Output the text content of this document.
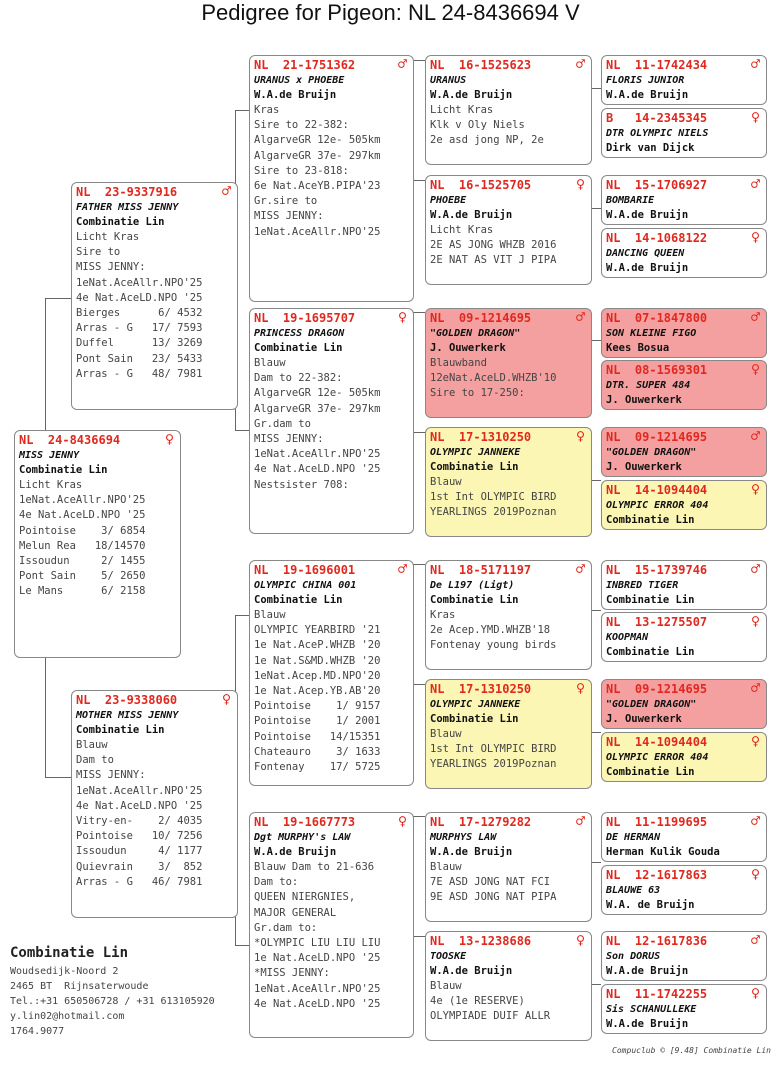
Pedigree for Pigeon: NL 24-8436694 V
NL  24-8436694	♀
MISS JENNY
Combinatie Lin
Licht Kras
1eNat.AceAllr.NPO'25
4e Nat.AceLD.NPO '25
Pointoise    3/ 6854
Melun Rea   18/14570
Issoudun     2/ 1455
Pont Sain    5/ 2650
Le Mans      6/ 2158
NL  23-9337916	♂
FATHER MISS JENNY
Combinatie Lin
Licht Kras
Sire to
MISS JENNY:
1eNat.AceAllr.NPO'25
4e Nat.AceLD.NPO '25
Bierges      6/ 4532
Arras - G   17/ 7593
Duffel      13/ 3269
Pont Sain   23/ 5433
Arras - G   48/ 7981
NL  23-9338060	♀
MOTHER MISS JENNY
Combinatie Lin
Blauw
Dam to
MISS JENNY:
1eNat.AceAllr.NPO'25
4e Nat.AceLD.NPO '25
Vitry-en-    2/ 4035
Pointoise   10/ 7256
Issoudun     4/ 1177
Quievrain    3/  852
Arras - G   46/ 7981
NL  21-1751362	♂
URANUS x PHOEBE
W.A.de Bruijn
Kras
Sire to 22-382:
AlgarveGR 12e- 505km
AlgarveGR 37e- 297km
Sire to 23-818:
6e Nat.AceYB.PIPA'23
Gr.sire to
MISS JENNY:
1eNat.AceAllr.NPO'25
NL  19-1695707	♀
PRINCESS DRAGON
Combinatie Lin
Blauw
Dam to 22-382:
AlgarveGR 12e- 505km
AlgarveGR 37e- 297km
Gr.dam to
MISS JENNY:
1eNat.AceAllr.NPO'25
4e Nat.AceLD.NPO '25
Nestsister 708:
NL  19-1696001	♂
OLYMPIC CHINA 001
Combinatie Lin
Blauw
OLYMPIC YEARBIRD '21
1e Nat.AceP.WHZB '20
1e Nat.S&MD.WHZB '20
1eNat.Acep.MD.NPO'20
1e Nat.Acep.YB.AB'20
Pointoise    1/ 9157
Pointoise    1/ 2001
Pointoise   14/15351
Chateauro    3/ 1633
Fontenay    17/ 5725
NL  19-1667773	♀
Dgt MURPHY's LAW
W.A.de Bruijn
Blauw Dam to 21-636
Dam to:
QUEEN NIERGNIES,
MAJOR GENERAL
Gr.dam to:
*OLYMPIC LIU LIU LIU
1e Nat.AceLD.NPO '25
*MISS JENNY:
1eNat.AceAllr.NPO'25
4e Nat.AceLD.NPO '25
NL  16-1525623	♂
URANUS
W.A.de Bruijn
Licht Kras
Klk v Oly Niels
2e asd jong NP, 2e
NL  16-1525705	♀
PHOEBE
W.A.de Bruijn
Licht Kras
2E AS JONG WHZB 2016
2E NAT AS VIT J PIPA
NL  09-1214695	♂
"GOLDEN DRAGON"
J. Ouwerkerk
Blauwband
12eNat.AceLD.WHZB'10
Sire to 17-250:
NL  17-1310250	♀
OLYMPIC JANNEKE
Combinatie Lin
Blauw
1st Int OLYMPIC BIRD
YEARLINGS 2019Poznan
NL  18-5171197	♂
De L197 (Ligt)
Combinatie Lin
Kras
2e Acep.YMD.WHZB'18
Fontenay young birds
NL  17-1310250	♀
OLYMPIC JANNEKE
Combinatie Lin
Blauw
1st Int OLYMPIC BIRD
YEARLINGS 2019Poznan
NL  17-1279282	♂
MURPHYS LAW
W.A.de Bruijn
Blauw
7E ASD JONG NAT FCI
9E ASD JONG NAT PIPA
NL  13-1238686	♀
TOOSKE
W.A.de Bruijn
Blauw
4e (1e RESERVE)
OLYMPIADE DUIF ALLR
NL  11-1742434	♂
FLORIS JUNIOR
W.A.de Bruijn
B   14-2345345	♀
DTR OLYMPIC NIELS
Dirk van Dijck
NL  15-1706927	♂
BOMBARIE
W.A.de Bruijn
NL  14-1068122	♀
DANCING QUEEN
W.A.de Bruijn
NL  07-1847800	♂
SON KLEINE FIGO
Kees Bosua
NL  08-1569301	♀
DTR. SUPER 484
J. Ouwerkerk
NL  09-1214695	♂
"GOLDEN DRAGON"
J. Ouwerkerk
NL  14-1094404	♀
OLYMPIC ERROR 404
Combinatie Lin
NL  15-1739746	♂
INBRED TIGER
Combinatie Lin
NL  13-1275507	♀
KOOPMAN
Combinatie Lin
NL  09-1214695	♂
"GOLDEN DRAGON"
J. Ouwerkerk
NL  14-1094404	♀
OLYMPIC ERROR 404
Combinatie Lin
NL  11-1199695	♂
DE HERMAN
Herman Kulik Gouda
NL  12-1617863	♀
BLAUWE 63
W.A. de Bruijn
NL  12-1617836	♂
Son DORUS
W.A.de Bruijn
NL  11-1742255	♀
Sis SCHANULLEKE
W.A.de Bruijn
Combinatie Lin
Woudsedijk-Noord 2
2465 BT  Rijnsaterwoude
Tel.:+31 650506728 / +31 613105920
y.lin02@hotmail.com
1764.9077
Compuclub © [9.48] Combinatie Lin
